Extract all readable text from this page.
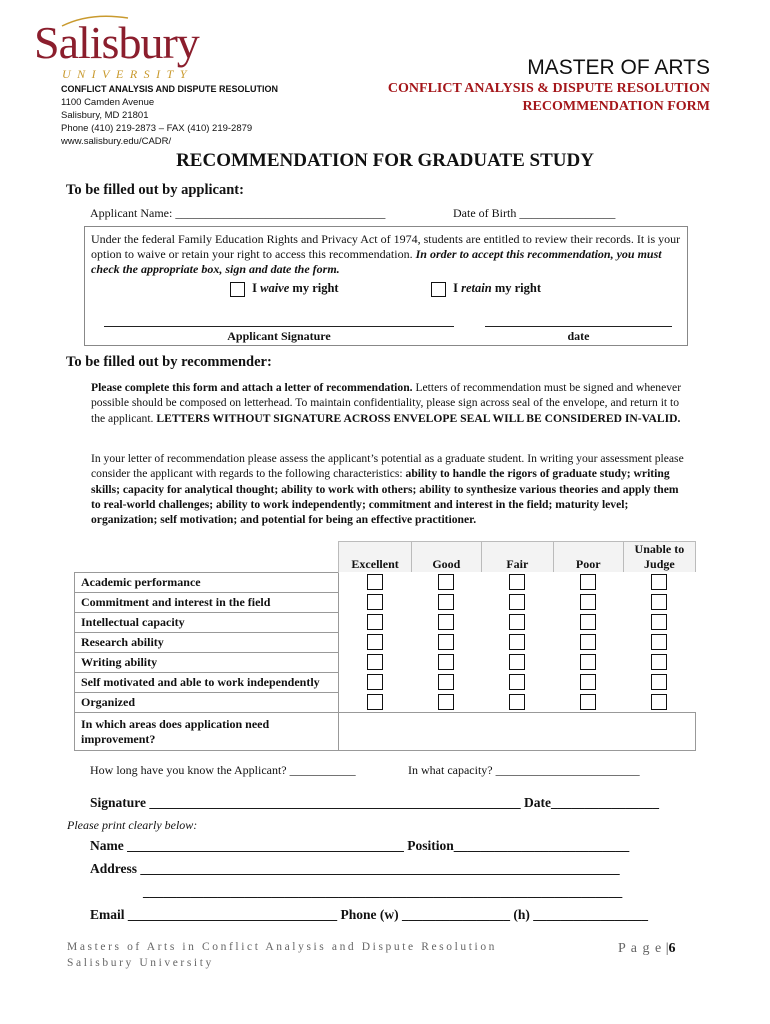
Salisbury
UNIVERSITY
CONFLICT ANALYSIS AND DISPUTE RESOLUTION
1100 Camden Avenue
Salisbury, MD 21801
Phone (410) 219-2873 – FAX (410) 219-2879
www.salisbury.edu/CADR/
MASTER OF ARTS
CONFLICT ANALYSIS & DISPUTE RESOLUTION
RECOMMENDATION FORM
RECOMMENDATION FOR GRADUATE STUDY
To be filled out by applicant:
Applicant Name: ___________________________________	Date of Birth ________________
Under the federal Family Education Rights and Privacy Act of 1974, students are entitled to review their records. It is your option to waive or retain your right to access this recommendation. In order to accept this recommendation, you must check the appropriate box, sign and date the form.
I waive my right	I retain my right
Applicant Signature	date
To be filled out by recommender:
Please complete this form and attach a letter of recommendation. Letters of recommendation must be signed and whenever possible should be composed on letterhead. To maintain confidentiality, please sign across seal of the envelope, and return it to the applicant. LETTERS WITHOUT SIGNATURE ACROSS ENVELOPE SEAL WILL BE CONSIDERED IN-VALID.
In your letter of recommendation please assess the applicant’s potential as a graduate student. In writing your assessment please consider the applicant with regards to the following characteristics: ability to handle the rigors of graduate study; writing skills; capacity for analytical thought; ability to work with others; ability to synthesize various theories and apply them to real-world challenges; ability to work independently; commitment and interest in the field; maturity level; organization; self motivation; and potential for being an effective practitioner.
	Excellent	Good	Fair	Poor	Unable to Judge
Academic performance					
Commitment and interest in the field					
Intellectual capacity					
Research ability					
Writing ability					
Self motivated and able to work independently					
Organized					
In which areas does application need improvement?					
How long have you know the Applicant? ___________	In what capacity? ________________________
Signature _______________________________________________________ Date________________
Please print clearly below:
Name _________________________________________ Position__________________________
Address _______________________________________________________________________
_______________________________________________________________________
Email _______________________________ Phone (w) ________________ (h) _________________
Masters of Arts in Conflict Analysis and Dispute Resolution
Salisbury University
P a g e |6
